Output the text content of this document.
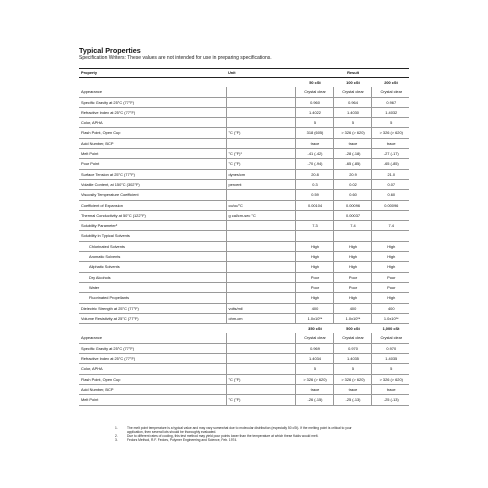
Typical Properties
Specification Writers: These values are not intended for use in preparing specifications.
Property	Unit	Result		
		50 cSt	100 cSt	200 cSt
Appearance		Crystal clear	Crystal clear	Crystal clear
Specific Gravity at 25°C (77°F)		0.960	0.964	0.967
Refractive Index at 25°C (77°F)		1.4022	1.4030	1.4032
Color, APHA		5	5	5
Flash Point, Open Cup	°C (°F)	318 (605)	> 326 (> 620)	> 326 (> 620)
Acid Number, BCP		trace	trace	trace
Melt Point	°C (°F)¹	-41 (-42)	-28 (-18)	-27 (-17)
Pour Point	°C (°F)	-70 (-94)	-65 (-85)	-65 (-85)
Surface Tension at 25°C (77°F)	dynes/cm	20.8	20.9	21.0
Volatile Content, at 150°C (302°F)	percent	0.3	0.02	0.07
Viscosity Temperature Coefficient		0.59	0.60	0.60
Coefficient of Expansion	cc/cc/°C	0.00104	0.00096	0.00096
Thermal Conductivity at 50°C (122°F)	g cal/cm-sec °C		0.00037	
Solubility Parameter²		7.3	7.4	7.4
Solubility in Typical Solvents				
Chlorinated Solvents		High	High	High
Aromatic Solvents		High	High	High
Aliphatic Solvents		High	High	High
Dry Alcohols		Poor	Poor	Poor
Water		Poor	Poor	Poor
Fluorinated Propellants		High	High	High
Dielectric Strength at 25°C (77°F)	volts/mil	400	400	400
Volume Resistivity at 25°C (77°F)	ohm-cm	1.0x10¹⁴	1.0x10¹⁴	1.0x10¹⁴
		350 cSt	500 cSt	1,000 cSt
Appearance		Crystal clear	Crystal clear	Crystal clear
Specific Gravity at 25°C (77°F)		0.969	0.970	0.970
Refractive Index at 25°C (77°F)		1.4034	1.4035	1.4035
Color, APHA		5	5	5
Flash Point, Open Cup	°C (°F)	> 326 (> 620)	> 326 (> 620)	> 326 (> 620)
Acid Number, BCP		trace	trace	trace
Melt Point	°C (°F)	-26 (-15)	-25 (-13)	-25 (-13)
1.	The melt point temperature is a typical value and may vary somewhat due to molecular distribution (especially 50 cSt). If the melting point is critical to your application, then several lots should be thoroughly evaluated.
2.	Due to different rates of cooling, this test method may yield pour points lower than the temperature at which these fluids would melt.
3.	Fedors Method, R.F. Fedors, Polymer Engineering and Science, Feb. 1974.
